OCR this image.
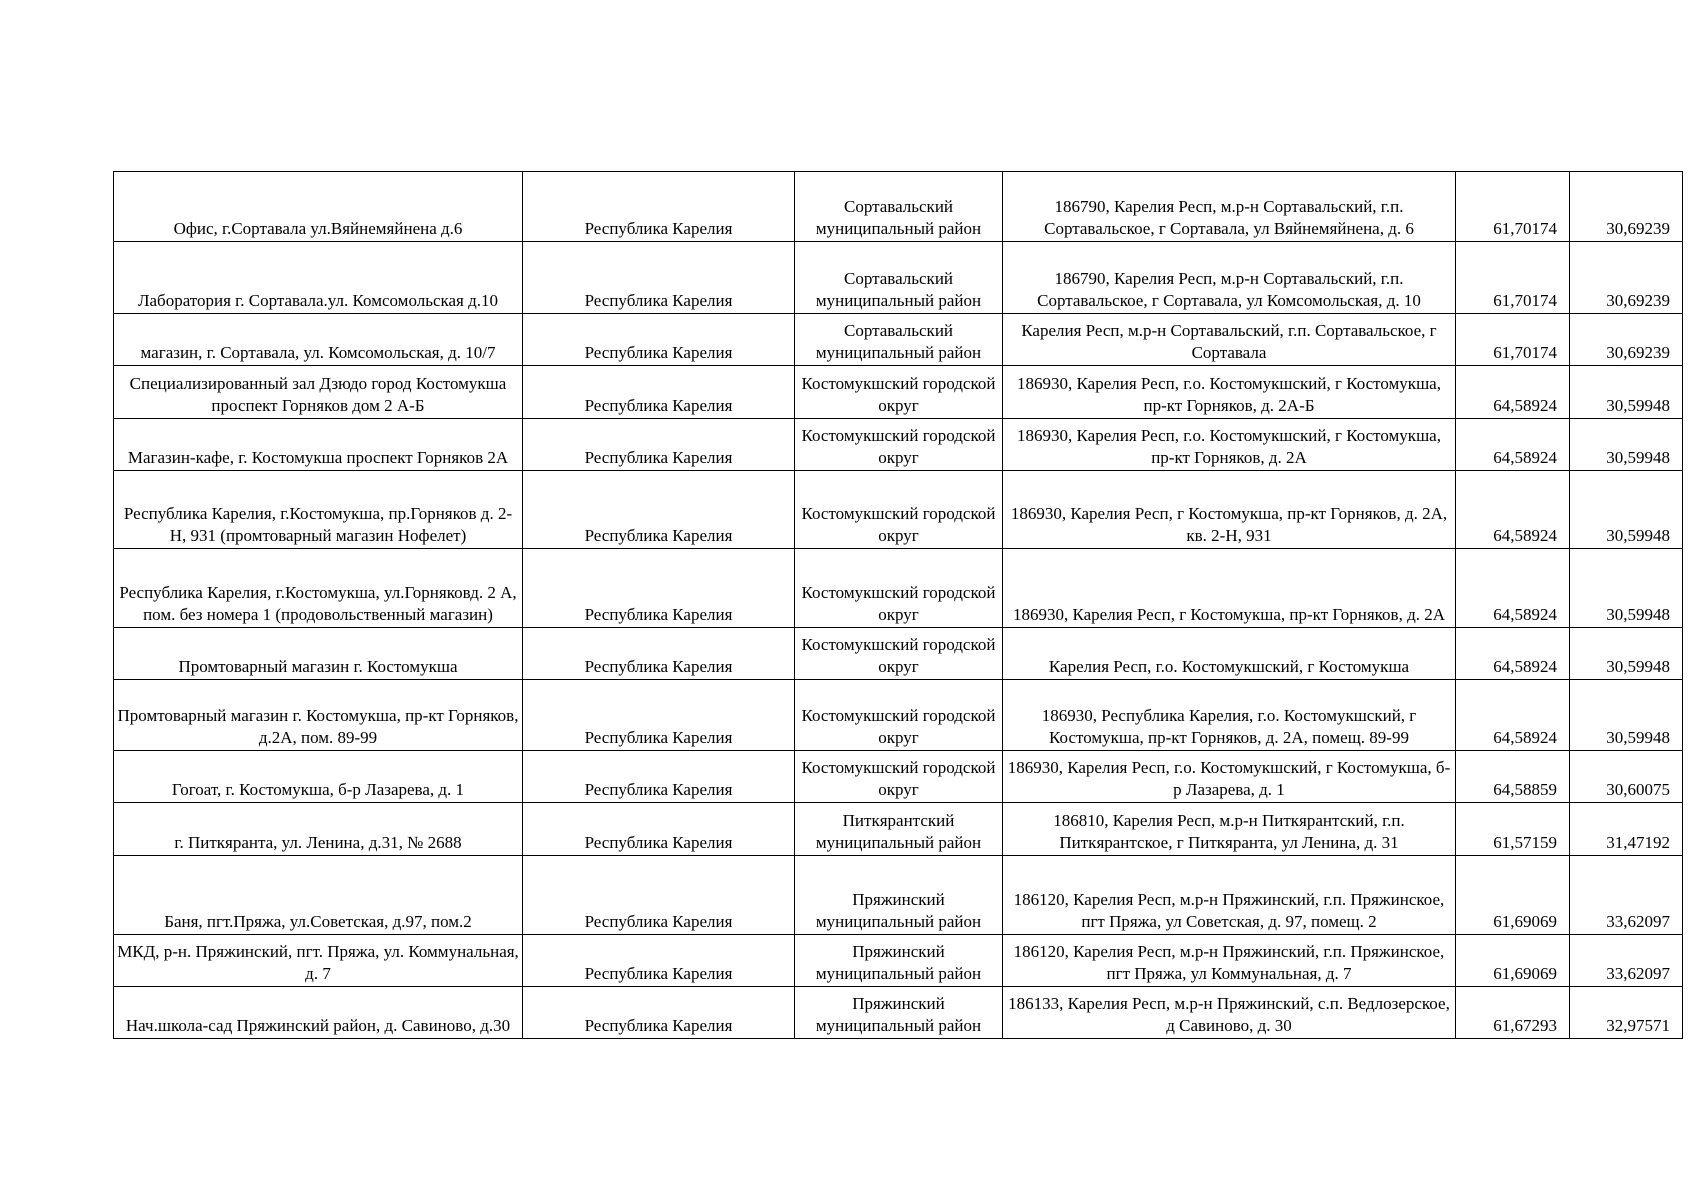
Офис, г.Сортавала ул.Вяйнемяйнена д.6	Республика Карелия	Сортавальский муниципальный район	186790, Карелия Респ, м.р-н Сортавальский, г.п. Сортавальское, г Сортавала, ул Вяйнемяйнена, д. 6	61,70174	30,69239
Лаборатория г. Сортавала.ул. Комсомольская д.10	Республика Карелия	Сортавальский муниципальный район	186790, Карелия Респ, м.р-н Сортавальский, г.п. Сортавальское, г Сортавала, ул Комсомольская, д. 10	61,70174	30,69239
магазин, г. Сортавала, ул. Комсомольская, д. 10/7	Республика Карелия	Сортавальский муниципальный район	Карелия Респ, м.р-н Сортавальский, г.п. Сортавальское, г Сортавала	61,70174	30,69239
Специализированный зал Дзюдо город Костомукша проспект Горняков дом 2 А-Б	Республика Карелия	Костомукшский городской округ	186930, Карелия Респ, г.о. Костомукшский, г Костомукша, пр-кт Горняков, д. 2А-Б	64,58924	30,59948
Магазин-кафе, г. Костомукша проспект Горняков 2А	Республика Карелия	Костомукшский городской округ	186930, Карелия Респ, г.о. Костомукшский, г Костомукша, пр-кт Горняков, д. 2А	64,58924	30,59948
Республика Карелия, г.Костомукша, пр.Горняков д. 2-Н, 931 (промтоварный магазин Нофелет)	Республика Карелия	Костомукшский городской округ	186930, Карелия Респ, г Костомукша, пр-кт Горняков, д. 2А, кв. 2-Н, 931	64,58924	30,59948
Республика Карелия, г.Костомукша, ул.Горняковд. 2 А, пом. без номера 1 (продовольственный магазин)	Республика Карелия	Костомукшский городской округ	186930, Карелия Респ, г Костомукша, пр-кт Горняков, д. 2А	64,58924	30,59948
Промтоварный магазин г. Костомукша	Республика Карелия	Костомукшский городской округ	Карелия Респ, г.о. Костомукшский, г Костомукша	64,58924	30,59948
Промтоварный магазин г. Костомукша, пр-кт Горняков, д.2А, пом. 89-99	Республика Карелия	Костомукшский городской округ	186930, Республика Карелия, г.о. Костомукшский, г Костомукша, пр-кт Горняков, д. 2А, помещ. 89-99	64,58924	30,59948
Гогоат, г. Костомукша, б-р Лазарева, д. 1	Республика Карелия	Костомукшский городской округ	186930, Карелия Респ, г.о. Костомукшский, г Костомукша, б-р Лазарева, д. 1	64,58859	30,60075
г. Питкяранта, ул. Ленина, д.31, № 2688	Республика Карелия	Питкярантский муниципальный район	186810, Карелия Респ, м.р-н Питкярантский, г.п. Питкярантское, г Питкяранта, ул Ленина, д. 31	61,57159	31,47192
Баня, пгт.Пряжа, ул.Советская, д.97, пом.2	Республика Карелия	Пряжинский муниципальный район	186120, Карелия Респ, м.р-н Пряжинский, г.п. Пряжинское, пгт Пряжа, ул Советская, д. 97, помещ. 2	61,69069	33,62097
МКД, р-н. Пряжинский, пгт. Пряжа, ул. Коммунальная, д. 7	Республика Карелия	Пряжинский муниципальный район	186120, Карелия Респ, м.р-н Пряжинский, г.п. Пряжинское, пгт Пряжа, ул Коммунальная, д. 7	61,69069	33,62097
Нач.школа-сад Пряжинский район, д. Савиново, д.30	Республика Карелия	Пряжинский муниципальный район	186133, Карелия Респ, м.р-н Пряжинский, с.п. Ведлозерское, д Савиново, д. 30	61,67293	32,97571
